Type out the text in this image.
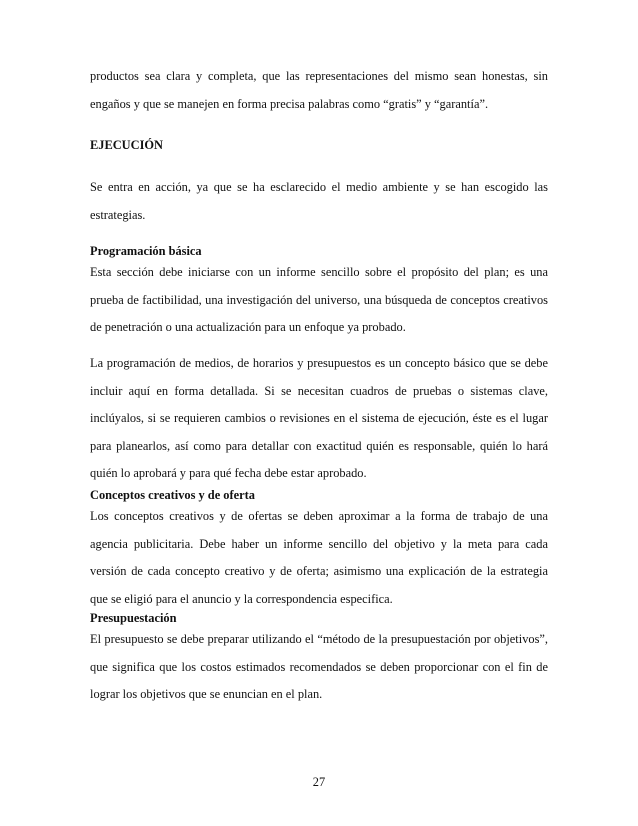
productos sea clara y completa, que las representaciones del mismo sean honestas, sin
engaños y que se manejen en forma precisa palabras como “gratis” y “garantía”.
EJECUCIÓN
Se entra en acción, ya que se ha esclarecido el medio ambiente y se han escogido las
estrategias.
Programación básica
Esta sección debe iniciarse con un informe sencillo sobre el propósito del plan; es una
prueba de factibilidad, una investigación del universo, una búsqueda de conceptos creativos
de penetración o una actualización para un enfoque ya probado.
La programación de medios, de horarios y presupuestos es un concepto básico que se debe
incluir aquí en forma detallada. Si se necesitan cuadros de pruebas o sistemas clave,
inclúyalos, si se requieren cambios o revisiones en el sistema de ejecución, éste es el lugar
para planearlos, así como para detallar con exactitud quién es responsable, quién lo hará
quién lo aprobará y para qué fecha debe estar aprobado.
Conceptos creativos y de oferta
Los conceptos creativos y de ofertas se deben aproximar a la forma de trabajo de una
agencia publicitaria. Debe haber un informe sencillo del objetivo y la meta para cada
versión de cada concepto creativo y de oferta; asimismo una explicación de la estrategia
que se eligió para el anuncio y la correspondencia especifica.
Presupuestación
El presupuesto se debe preparar utilizando el “método de la presupuestación por objetivos”,
que significa que los costos estimados recomendados se deben proporcionar con el fin de
lograr los objetivos que se enuncian en el plan.
27
